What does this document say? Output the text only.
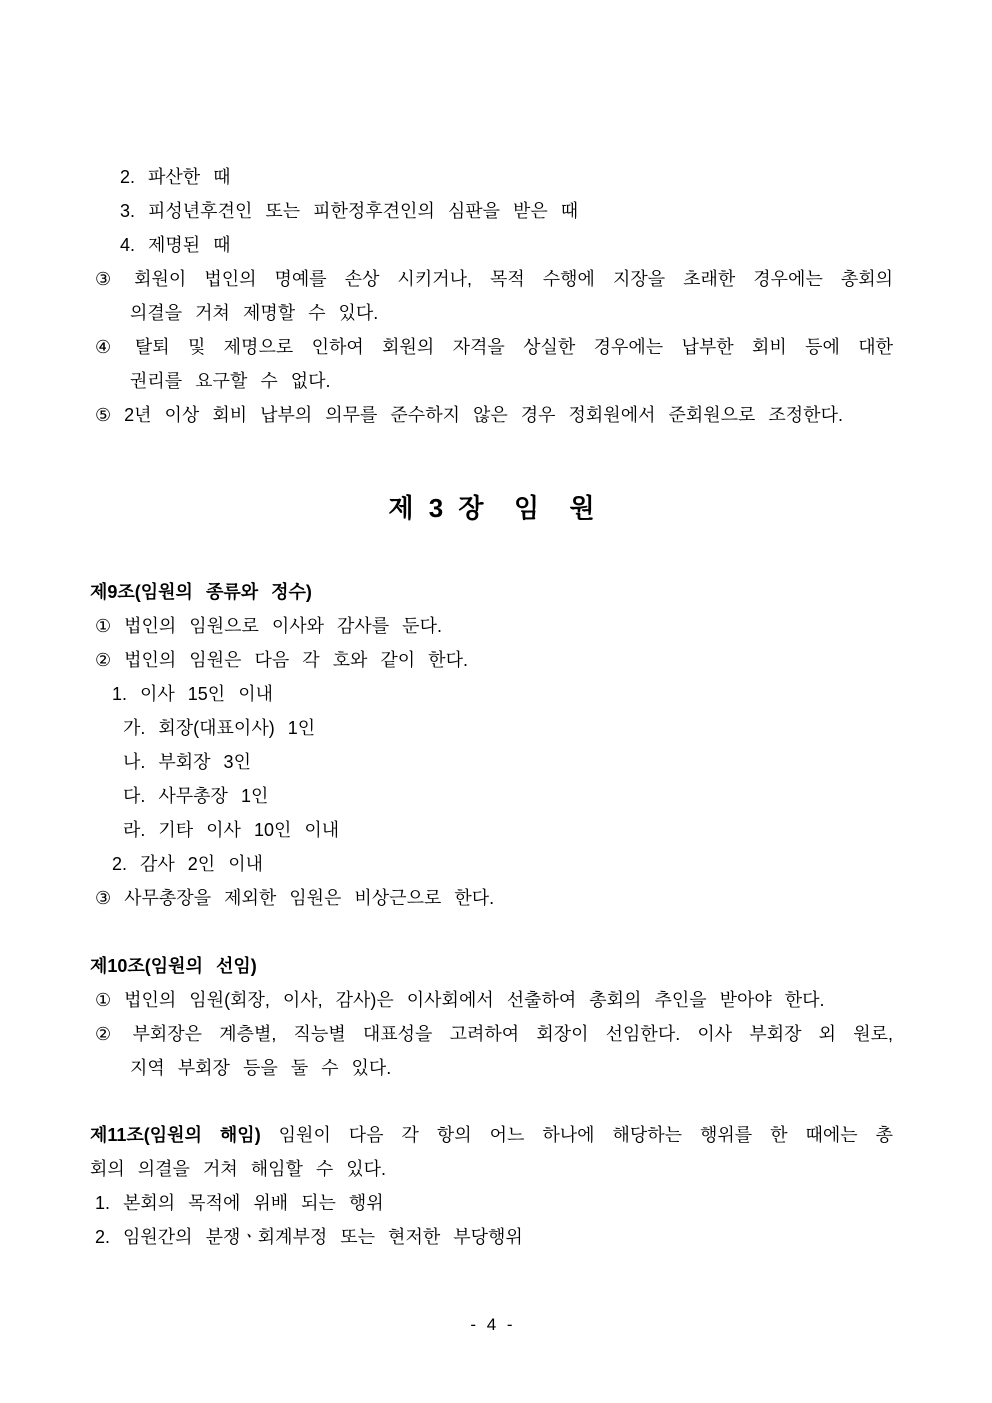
2. 파산한 때
3. 피성년후견인 또는 피한정후견인의 심판을 받은 때
4. 제명된 때
③ 회원이 법인의 명예를 손상 시키거나, 목적 수행에 지장을 초래한 경우에는 총회의
의결을 거쳐 제명할 수 있다.
④ 탈퇴 및 제명으로 인하여 회원의 자격을 상실한 경우에는 납부한 회비 등에 대한
권리를 요구할 수 없다.
⑤ 2년 이상 회비 납부의 의무를 준수하지 않은 경우 정회원에서 준회원으로 조정한다.
제 3 장  임  원
제9조(임원의 종류와 정수)
① 법인의 임원으로 이사와 감사를 둔다.
② 법인의 임원은 다음 각 호와 같이 한다.
1. 이사 15인 이내
가. 회장(대표이사) 1인
나. 부회장 3인
다. 사무총장 1인
라. 기타 이사 10인 이내
2. 감사 2인 이내
③ 사무총장을 제외한 임원은 비상근으로 한다.
제10조(임원의 선임)
① 법인의 임원(회장, 이사, 감사)은 이사회에서 선출하여 총회의 추인을 받아야 한다.
② 부회장은 계층별, 직능별 대표성을 고려하여 회장이 선임한다. 이사 부회장 외 원로,
지역 부회장 등을 둘 수 있다.
제11조(임원의 해임) 임원이 다음 각 항의 어느 하나에 해당하는 행위를 한 때에는 총
회의 의결을 거쳐 해임할 수 있다.
1. 본회의 목적에 위배 되는 행위
2. 임원간의 분쟁ㆍ회계부정 또는 현저한 부당행위
- 4 -
